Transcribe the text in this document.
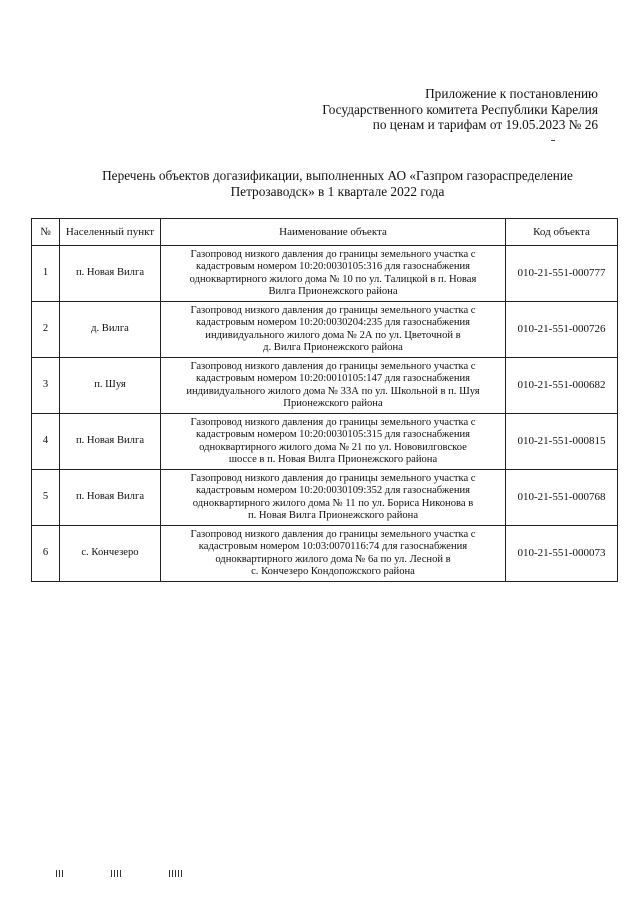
Приложение к постановлению
Государственного комитета Республики Карелия
по ценам и тарифам от 19.05.2023 № 26
Перечень объектов догазификации, выполненных АО «Газпром газораспределение
Петрозаводск» в 1 квартале 2022 года
№	Населенный пункт	Наименование объекта	Код объекта
1	п. Новая Вилга	Газопровод низкого давления до границы земельного участка с
кадастровым номером 10:20:0030105:316 для газоснабжения
одноквартирного жилого дома № 10 по ул. Талицкой в п. Новая
Вилга Прионежского района	010-21-551-000777
2	д. Вилга	Газопровод низкого давления до границы земельного участка с
кадастровым номером 10:20:0030204:235 для газоснабжения
индивидуального жилого дома № 2А по ул. Цветочной в
д. Вилга Прионежского района	010-21-551-000726
3	п. Шуя	Газопровод низкого давления до границы земельного участка с
кадастровым номером 10:20:0010105:147 для газоснабжения
индивидуального жилого дома № 33А по ул. Школьной в п. Шуя
Прионежского района	010-21-551-000682
4	п. Новая Вилга	Газопровод низкого давления до границы земельного участка с
кадастровым номером 10:20:0030105:315 для газоснабжения
одноквартирного жилого дома № 21 по ул. Нововилговское
шоссе в п. Новая Вилга Прионежского района	010-21-551-000815
5	п. Новая Вилга	Газопровод низкого давления до границы земельного участка с
кадастровым номером 10:20:0030109:352 для газоснабжения
одноквартирного жилого дома № 11 по ул. Бориса Никонова в
п. Новая Вилга Прионежского района	010-21-551-000768
6	с. Кончезеро	Газопровод низкого давления до границы земельного участка с
кадастровым номером 10:03:0070116:74 для газоснабжения
одноквартирного жилого дома № 6а по ул. Лесной в
с. Кончезеро Кондопожского района	010-21-551-000073
